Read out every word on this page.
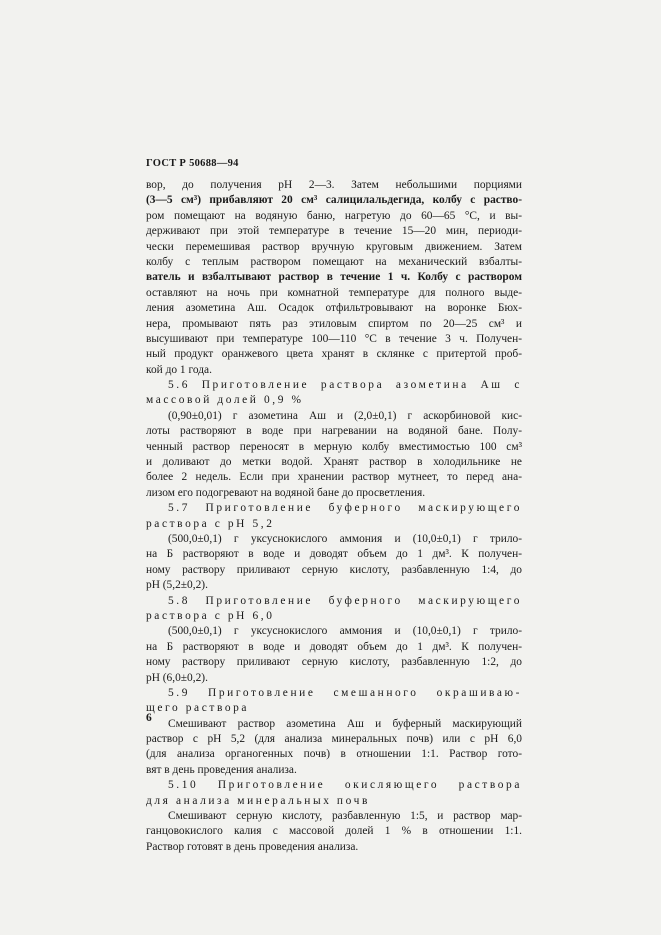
ГОСТ Р 50688—94
вор, до получения рН 2—3. Затем небольшими порциями
(3—5 см³) прибавляют 20 см³ салицилальдегида, колбу с раство-
ром помещают на водяную баню, нагретую до 60—65 °С, и вы-
держивают при этой температуре в течение 15—20 мин, периоди-
чески перемешивая раствор вручную круговым движением. Затем
колбу с теплым раствором помещают на механический взбалты-
ватель и взбалтывают раствор в течение 1 ч. Колбу с раствором
оставляют на ночь при комнатной температуре для полного выде-
ления азометина Аш. Осадок отфильтровывают на воронке Бюх-
нера, промывают пять раз этиловым спиртом по 20—25 см³ и
высушивают при температуре 100—110 °С в течение 3 ч. Получен-
ный продукт оранжевого цвета хранят в склянке с притертой проб-
кой до 1 года.
5.6 Приготовление раствора азометина Аш с
массовой долей 0,9 %
(0,90±0,01) г азометина Аш и (2,0±0,1) г аскорбиновой кис-
лоты растворяют в воде при нагревании на водяной бане. Полу-
ченный раствор переносят в мерную колбу вместимостью 100 см³
и доливают до метки водой. Хранят раствор в холодильнике не
более 2 недель. Если при хранении раствор мутнеет, то перед ана-
лизом его подогревают на водяной бане до просветления.
5.7 Приготовление буферного маскирующего
раствора с рН 5,2
(500,0±0,1) г уксуснокислого аммония и (10,0±0,1) г трило-
на Б растворяют в воде и доводят объем до 1 дм³. К получен-
ному раствору приливают серную кислоту, разбавленную 1:4, до
рН (5,2±0,2).
5.8 Приготовление буферного маскирующего
раствора с рН 6,0
(500,0±0,1) г уксуснокислого аммония и (10,0±0,1) г трило-
на Б растворяют в воде и доводят объем до 1 дм³. К получен-
ному раствору приливают серную кислоту, разбавленную 1:2, до
рН (6,0±0,2).
5.9 Приготовление смешанного окрашиваю-
щего раствора
Смешивают раствор азометина Аш и буферный маскирующий
раствор с рН 5,2 (для анализа минеральных почв) или с рН 6,0
(для анализа органогенных почв) в отношении 1:1. Раствор гото-
вят в день проведения анализа.
5.10 Приготовление окисляющего раствора
для анализа минеральных почв
Смешивают серную кислоту, разбавленную 1:5, и раствор мар-
ганцовокислого калия с массовой долей 1 % в отношении 1:1.
Раствор готовят в день проведения анализа.
6
